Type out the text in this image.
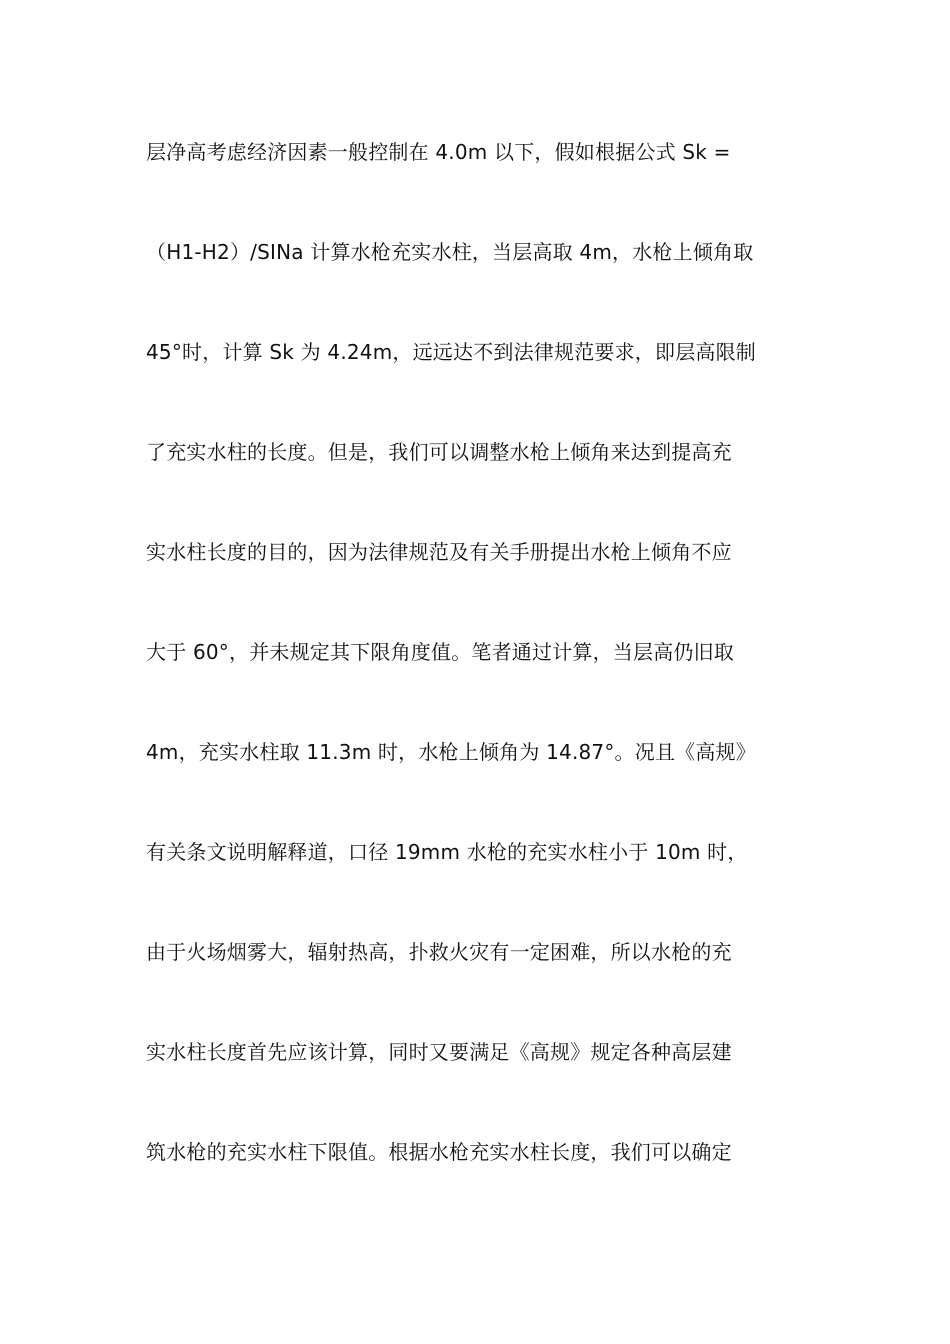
层净高考虑经济因素一般控制在 4.0m 以下，假如根据公式 Sk =
（H1-H2）/SINa 计算水枪充实水柱，当层高取 4m，水枪上倾角取
45°时，计算 Sk 为 4.24m，远远达不到法律规范要求，即层高限制
了充实水柱的长度。但是，我们可以调整水枪上倾角来达到提高充
实水柱长度的目的，因为法律规范及有关手册提出水枪上倾角不应
大于 60°，并未规定其下限角度值。笔者通过计算，当层高仍旧取
4m，充实水柱取 11.3m 时，水枪上倾角为 14.87°。况且《高规》
有关条文说明解释道，口径 19mm 水枪的充实水柱小于 10m 时，
由于火场烟雾大，辐射热高，扑救火灾有一定困难，所以水枪的充
实水柱长度首先应该计算，同时又要满足《高规》规定各种高层建
筑水枪的充实水柱下限值。根据水枪充实水柱长度，我们可以确定
